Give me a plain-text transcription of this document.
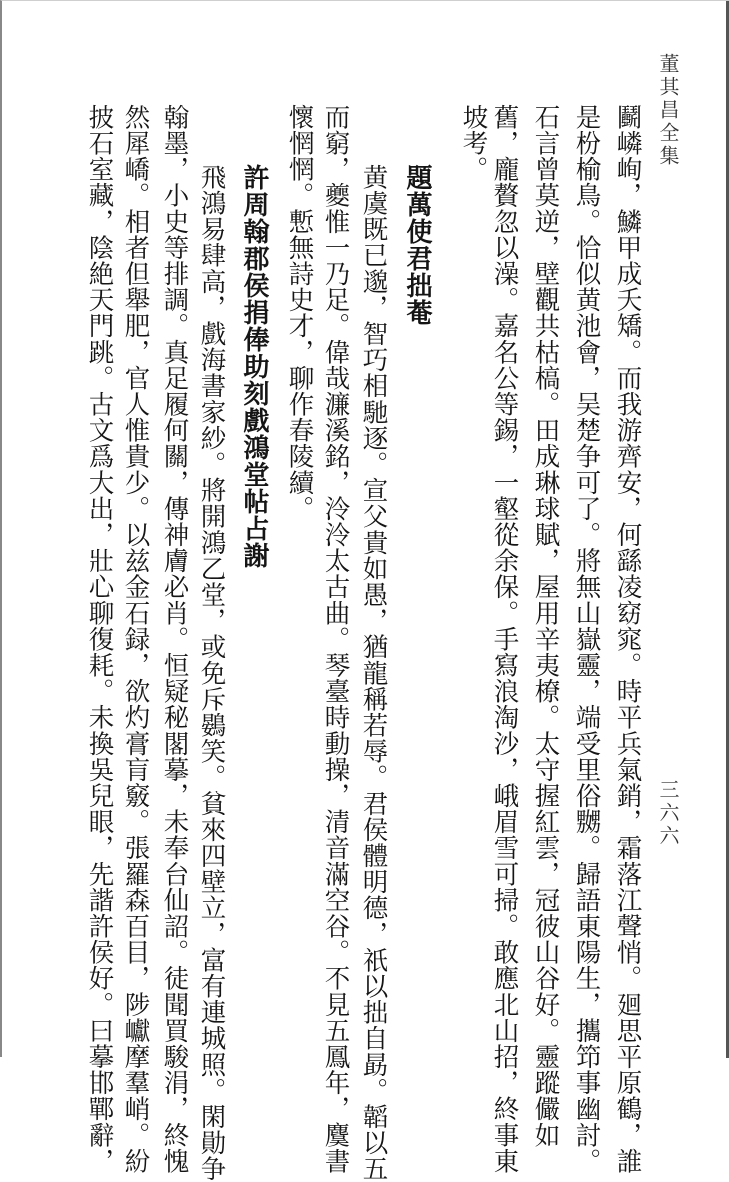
董其昌全集
三六六
鬬嶙峋，鱗甲成夭矯。而我游齊安，何繇凌窈窕。時平兵氣銷，霜落江聲悄。廻思平原鶴，誰
是枌榆鳥。恰似黄池會，吴楚争可了。將無山嶽靈，端受里俗嬲。歸語東陽生，攜笻事幽討。
石言曾莫逆，壁觀共枯槁。田成琳球賦，屋用辛夷橑。太守握紅雲，冠彼山谷好。靈蹤儼如
舊，龐贅忽以澡。嘉名公等錫，一壑從余保。手寫浪淘沙，峨眉雪可掃。敢應北山招，終事東
坡考。
題萬使君拙菴
黄虞既已邈，智巧相馳逐。宣父貴如愚，猶龍稱若辱。君侯體明德，祇以拙自勗。韜以五
而窮，夔惟一乃足。偉哉濂溪銘，泠泠太古曲。琴臺時動操，清音滿空谷。不見五鳳年，麌書
懷惘惘。慙無詩史才，聊作春陵續。
許周翰郡侯捐俸助刻戲鴻堂帖占謝
飛鴻易肆高，戲海書家紗。將開鴻乙堂，或免斥鷃笑。貧來四壁立，富有連城照。閑勛争
翰墨，小史等排調。真足履何關，傳神膚必肖。恒疑秘閣摹，未奉台仙詔。徒聞買駿涓，終愧
然犀嶠。相者但舉肥，官人惟貴少。以兹金石録，欲灼膏肓竅。張羅森百目，陟巘摩羣峭。紛
披石室藏，陰絶天門跳。古文爲大出，壯心聊復耗。未換吳兒眼，先諧許侯好。曰摹邯鄲辭，
